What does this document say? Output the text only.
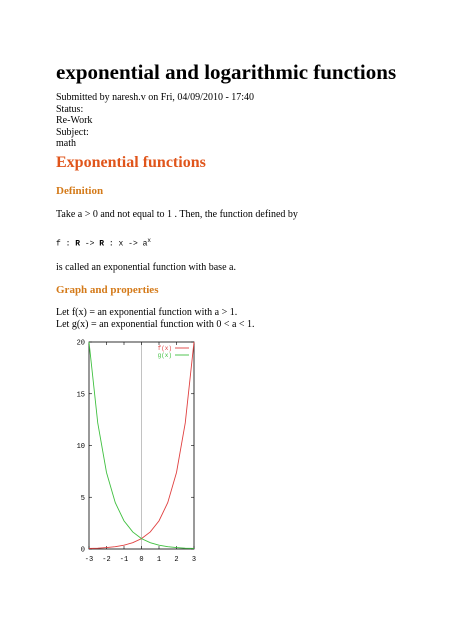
exponential and logarithmic functions
Submitted by naresh.v on Fri, 04/09/2010 - 17:40
Status:
Re-Work
Subject:
math
Exponential functions
Definition
Take a > 0 and not equal to 1 . Then, the function defined by
f : R -> R : $x -> a^x$
is called an exponential function with base a.
Graph and properties
Let f(x) = an exponential function with a > 1.
Let g(x) = an exponential function with 0 < a < 1.
0
5
10
15
20
-3 -2 -1 0 1 2 3
f(x)
g(x)
